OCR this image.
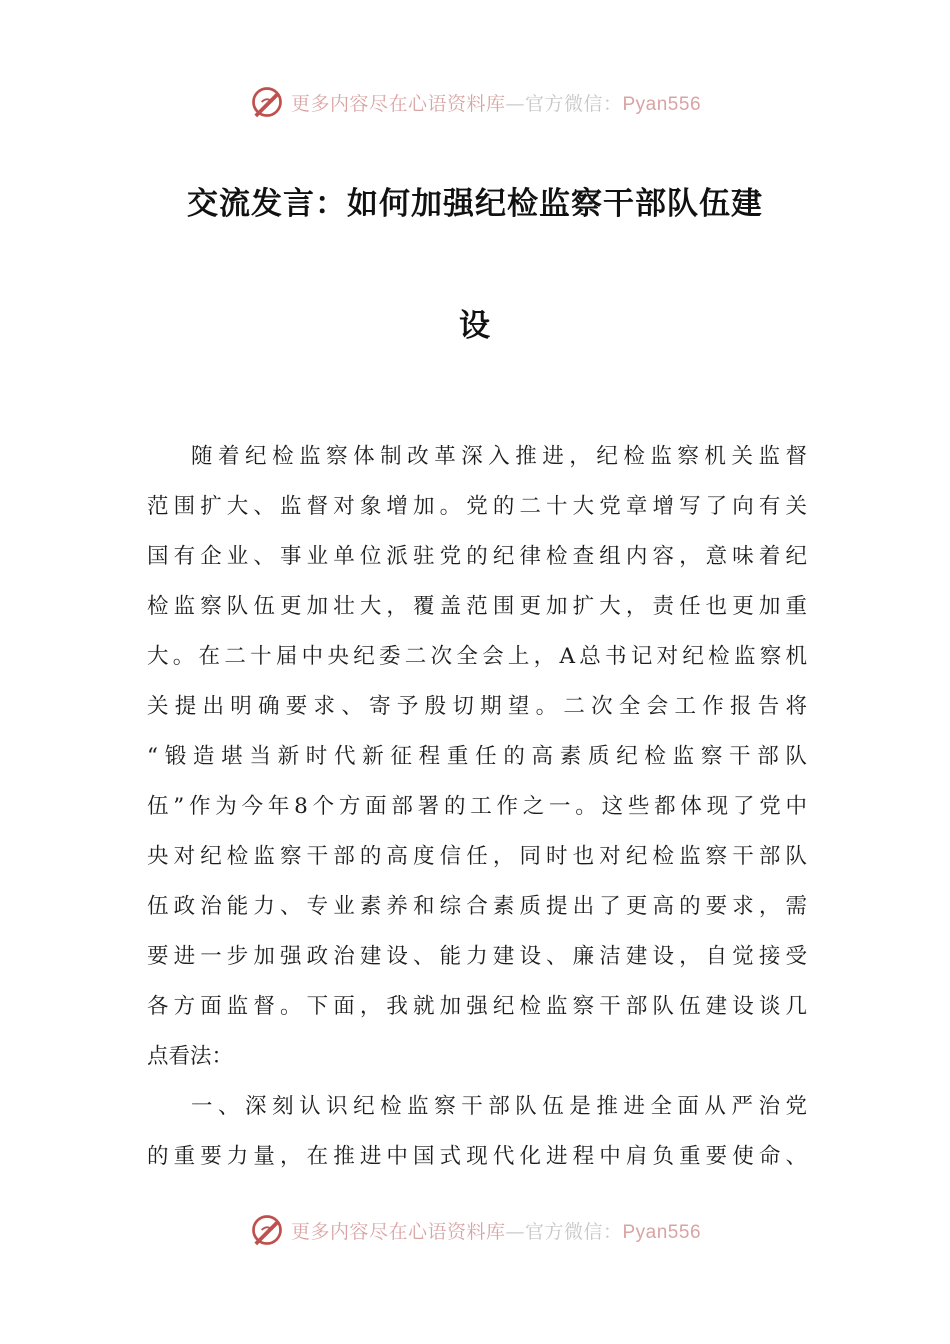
更多内容尽在心语资料库—官方微信：Pyan556
交流发言：如何加强纪检监察干部队伍建
设
随着纪检监察体制改革深入推进，纪检监察机关监督
范围扩大、监督对象增加。党的二十大党章增写了向有关
国有企业、事业单位派驻党的纪律检查组内容，意味着纪
检监察队伍更加壮大，覆盖范围更加扩大，责任也更加重
大。在二十届中央纪委二次全会上，A总书记对纪检监察机
关提出明确要求、寄予殷切期望。二次全会工作报告将
“锻造堪当新时代新征程重任的高素质纪检监察干部队
伍”作为今年8个方面部署的工作之一。这些都体现了党中
央对纪检监察干部的高度信任，同时也对纪检监察干部队
伍政治能力、专业素养和综合素质提出了更高的要求，需
要进一步加强政治建设、能力建设、廉洁建设，自觉接受
各方面监督。下面，我就加强纪检监察干部队伍建设谈几
点看法：
一、深刻认识纪检监察干部队伍是推进全面从严治党
的重要力量，在推进中国式现代化进程中肩负重要使命、
更多内容尽在心语资料库—官方微信：Pyan556
